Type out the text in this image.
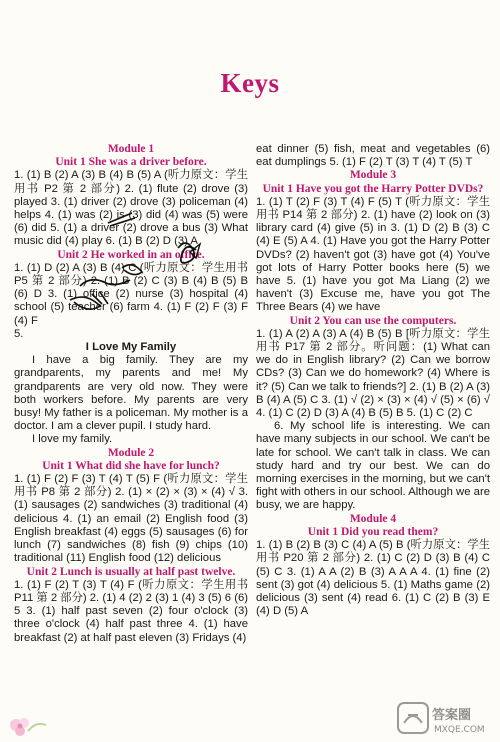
Keys
Module 1
Unit 1 She was a driver before.
1. (1) B (2) A (3) B (4) B (5) A (听力原文：学生用书 P2 第 2 部分) 2. (1) flute (2) drove (3) played 3. (1) driver (2) drove (3) policeman (4) helps 4. (1) was (2) is (3) did (4) was (5) were (6) did 5. (1) a driver (2) drove a bus (3) What music did (4) play 6. (1) B (2) D (3) A
Unit 2 He worked in an office.
1. (1) D (2) A (3) B (4) C (听力原文：学生用书 P5 第 2 部分) 2. (1) B (2) C (3) B (4) B (5) B (6) D 3. (1) office (2) nurse (3) hospital (4) school (5) teacher (6) farm 4. (1) F (2) F (3) F (4) F
5.
I Love My Family
I have a big family. They are my grandparents, my parents and me! My grandparents are very old now. They were both workers before. My parents are very busy! My father is a policeman. My mother is a doctor. I am a clever pupil. I study hard.
I love my family.
Module 2
Unit 1 What did she have for lunch?
1. (1) F (2) F (3) T (4) T (5) F (听力原文：学生用书 P8 第 2 部分) 2. (1) × (2) × (3) × (4) √ 3. (1) sausages (2) sandwiches (3) traditional (4) delicious 4. (1) an email (2) English food (3) English breakfast (4) eggs (5) sausages (6) for lunch (7) sandwiches (8) fish (9) chips (10) traditional (11) English food (12) delicious
Unit 2 Lunch is usually at half past twelve.
1. (1) F (2) T (3) T (4) F (听力原文：学生用书 P11 第 2 部分) 2. (1) 4 (2) 2 (3) 1 (4) 3 (5) 6 (6) 5 3. (1) half past seven (2) four o'clock (3) three o'clock (4) half past three 4. (1) have breakfast (2) at half past eleven (3) Fridays (4)
eat dinner (5) fish, meat and vegetables (6) eat dumplings 5. (1) F (2) T (3) T (4) T (5) T
Module 3
Unit 1 Have you got the Harry Potter DVDs?
1. (1) T (2) F (3) T (4) F (5) T (听力原文：学生用书 P14 第 2 部分) 2. (1) have (2) look on (3) library card (4) give (5) in 3. (1) D (2) B (3) C (4) E (5) A 4. (1) Have you got the Harry Potter DVDs? (2) haven't got (3) have got (4) You've got lots of Harry Potter books here (5) we have 5. (1) have you got Ma Liang (2) we haven't (3) Excuse me, have you got The Three Bears (4) we have
Unit 2 You can use the computers.
1. (1) A (2) A (3) A (4) B (5) B [听力原文：学生用书 P17 第 2 部分。听问题：(1) What can we do in English library? (2) Can we borrow CDs? (3) Can we do homework? (4) Where is it? (5) Can we talk to friends?] 2. (1) B (2) A (3) B (4) A (5) C 3. (1) √ (2) × (3) × (4) √ (5) × (6) √ 4. (1) C (2) D (3) A (4) B (5) B 5. (1) C (2) C
6. My school life is interesting. We can have many subjects in our school. We can't be late for school. We can't talk in class. We can study hard and try our best. We can do morning exercises in the morning, but we can't fight with others in our school. Although we are busy, we are happy.
Module 4
Unit 1 Did you read them?
1. (1) B (2) B (3) C (4) A (5) B (听力原文：学生用书 P20 第 2 部分) 2. (1) C (2) D (3) B (4) C (5) C 3. (1) A A (2) B (3) A A A 4. (1) fine (2) sent (3) got (4) delicious 5. (1) Maths game (2) delicious (3) sent (4) read 6. (1) C (2) B (3) E (4) D (5) A
答案圈
MXQE.COM
